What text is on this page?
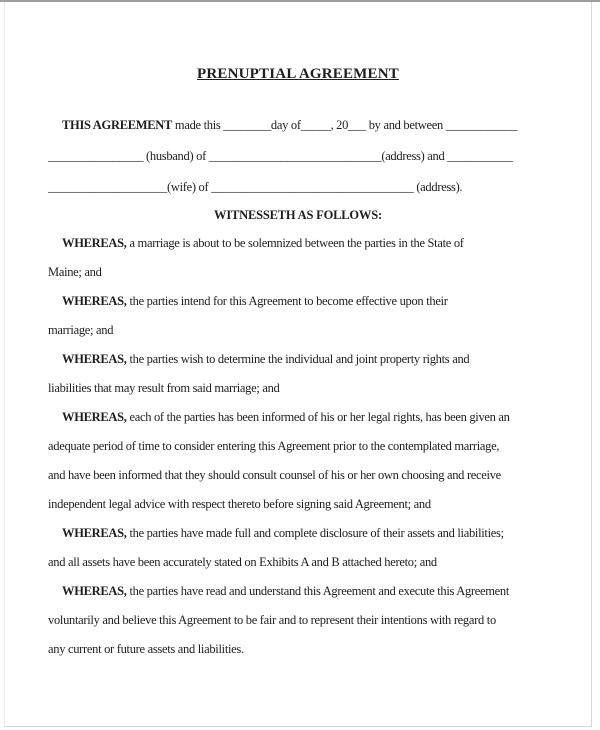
PRENUPTIAL AGREEMENT
THIS AGREEMENT made this ________day of_____, 20___ by and between ____________
________________ (husband) of _____________________________(address) and ___________
____________________(wife) of __________________________________ (address).
WITNESSETH AS FOLLOWS:
WHEREAS, a marriage is about to be solemnized between the parties in the State of
Maine; and
WHEREAS, the parties intend for this Agreement to become effective upon their
marriage; and
WHEREAS, the parties wish to determine the individual and joint property rights and
liabilities that may result from said marriage; and
WHEREAS, each of the parties has been informed of his or her legal rights, has been given an
adequate period of time to consider entering this Agreement prior to the contemplated marriage,
and have been informed that they should consult counsel of his or her own choosing and receive
independent legal advice with respect thereto before signing said Agreement; and
WHEREAS, the parties have made full and complete disclosure of their assets and liabilities;
and all assets have been accurately stated on Exhibits A and B attached hereto; and
WHEREAS, the parties have read and understand this Agreement and execute this Agreement
voluntarily and believe this Agreement to be fair and to represent their intentions with regard to
any current or future assets and liabilities.
